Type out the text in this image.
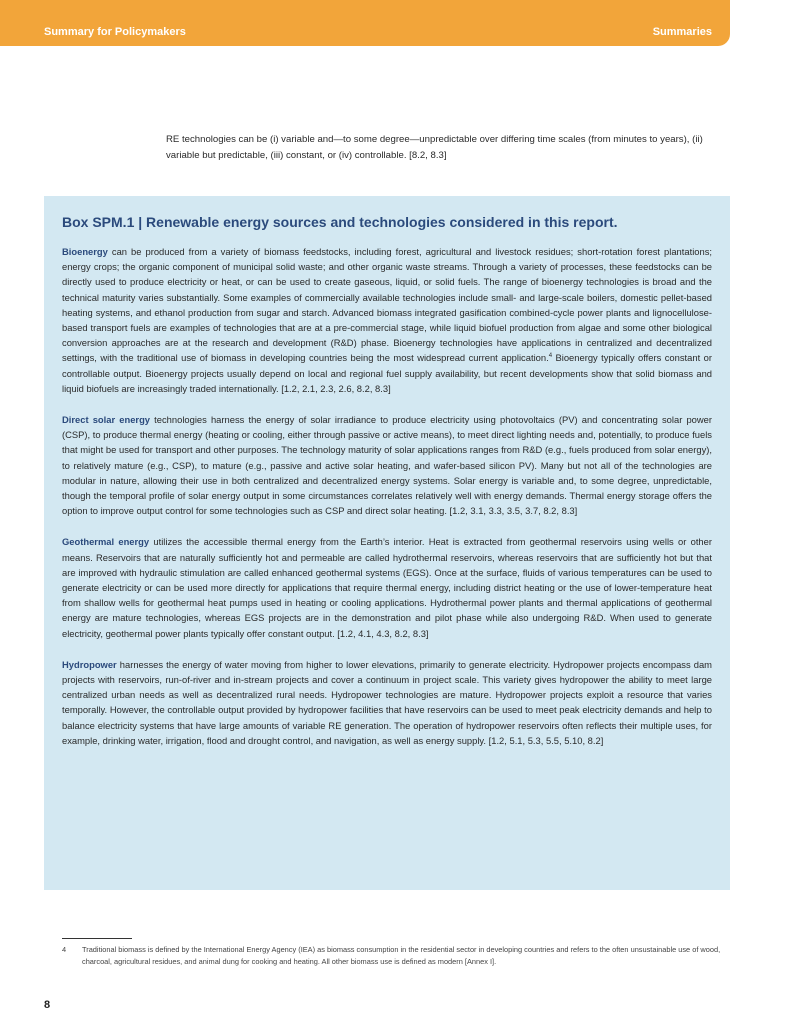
Summary for Policymakers	Summaries

RE technologies can be (i) variable and—to some degree—unpredictable over differing time scales (from minutes to years), (ii) variable but predictable, (iii) constant, or (iv) controllable. [8.2, 8.3]

Box SPM.1 | Renewable energy sources and technologies considered in this report.

Bioenergy can be produced from a variety of biomass feedstocks, including forest, agricultural and livestock residues; short-rotation forest plantations; energy crops; the organic component of municipal solid waste; and other organic waste streams. Through a variety of processes, these feedstocks can be directly used to produce electricity or heat, or can be used to create gaseous, liquid, or solid fuels. The range of bioenergy technologies is broad and the technical maturity varies substantially. Some examples of commercially available technologies include small- and large-scale boilers, domestic pellet-based heating systems, and ethanol production from sugar and starch. Advanced biomass integrated gasification combined-cycle power plants and lignocellulose-based transport fuels are examples of technologies that are at a pre-commercial stage, while liquid biofuel production from algae and some other biological conversion approaches are at the research and development (R&D) phase. Bioenergy technologies have applications in centralized and decentralized settings, with the traditional use of biomass in developing countries being the most widespread current application.$^4$ Bioenergy typically offers constant or controllable output. Bioenergy projects usually depend on local and regional fuel supply availability, but recent developments show that solid biomass and liquid biofuels are increasingly traded internationally. [1.2, 2.1, 2.3, 2.6, 8.2, 8.3]

Direct solar energy technologies harness the energy of solar irradiance to produce electricity using photovoltaics (PV) and concentrating solar power (CSP), to produce thermal energy (heating or cooling, either through passive or active means), to meet direct lighting needs and, potentially, to produce fuels that might be used for transport and other purposes. The technology maturity of solar applications ranges from R&D (e.g., fuels produced from solar energy), to relatively mature (e.g., CSP), to mature (e.g., passive and active solar heating, and wafer-based silicon PV). Many but not all of the technologies are modular in nature, allowing their use in both centralized and decentralized energy systems. Solar energy is variable and, to some degree, unpredictable, though the temporal profile of solar energy output in some circumstances correlates relatively well with energy demands. Thermal energy storage offers the option to improve output control for some technologies such as CSP and direct solar heating. [1.2, 3.1, 3.3, 3.5, 3.7, 8.2, 8.3]

Geothermal energy utilizes the accessible thermal energy from the Earth’s interior. Heat is extracted from geothermal reservoirs using wells or other means. Reservoirs that are naturally sufficiently hot and permeable are called hydrothermal reservoirs, whereas reservoirs that are sufficiently hot but that are improved with hydraulic stimulation are called enhanced geothermal systems (EGS). Once at the surface, fluids of various temperatures can be used to generate electricity or can be used more directly for applications that require thermal energy, including district heating or the use of lower-temperature heat from shallow wells for geothermal heat pumps used in heating or cooling applications. Hydrothermal power plants and thermal applications of geothermal energy are mature technologies, whereas EGS projects are in the demonstration and pilot phase while also undergoing R&D. When used to generate electricity, geothermal power plants typically offer constant output. [1.2, 4.1, 4.3, 8.2, 8.3]

Hydropower harnesses the energy of water moving from higher to lower elevations, primarily to generate electricity. Hydropower projects encompass dam projects with reservoirs, run-of-river and in-stream projects and cover a continuum in project scale. This variety gives hydropower the ability to meet large centralized urban needs as well as decentralized rural needs. Hydropower technologies are mature. Hydropower projects exploit a resource that varies temporally. However, the controllable output provided by hydropower facilities that have reservoirs can be used to meet peak electricity demands and help to balance electricity systems that have large amounts of variable RE generation. The operation of hydropower reservoirs often reflects their multiple uses, for example, drinking water, irrigation, flood and drought control, and navigation, as well as energy supply. [1.2, 5.1, 5.3, 5.5, 5.10, 8.2]

4 Traditional biomass is defined by the International Energy Agency (IEA) as biomass consumption in the residential sector in developing countries and refers to the often unsustainable use of wood, charcoal, agricultural residues, and animal dung for cooking and heating. All other biomass use is defined as modern [Annex I].

8
